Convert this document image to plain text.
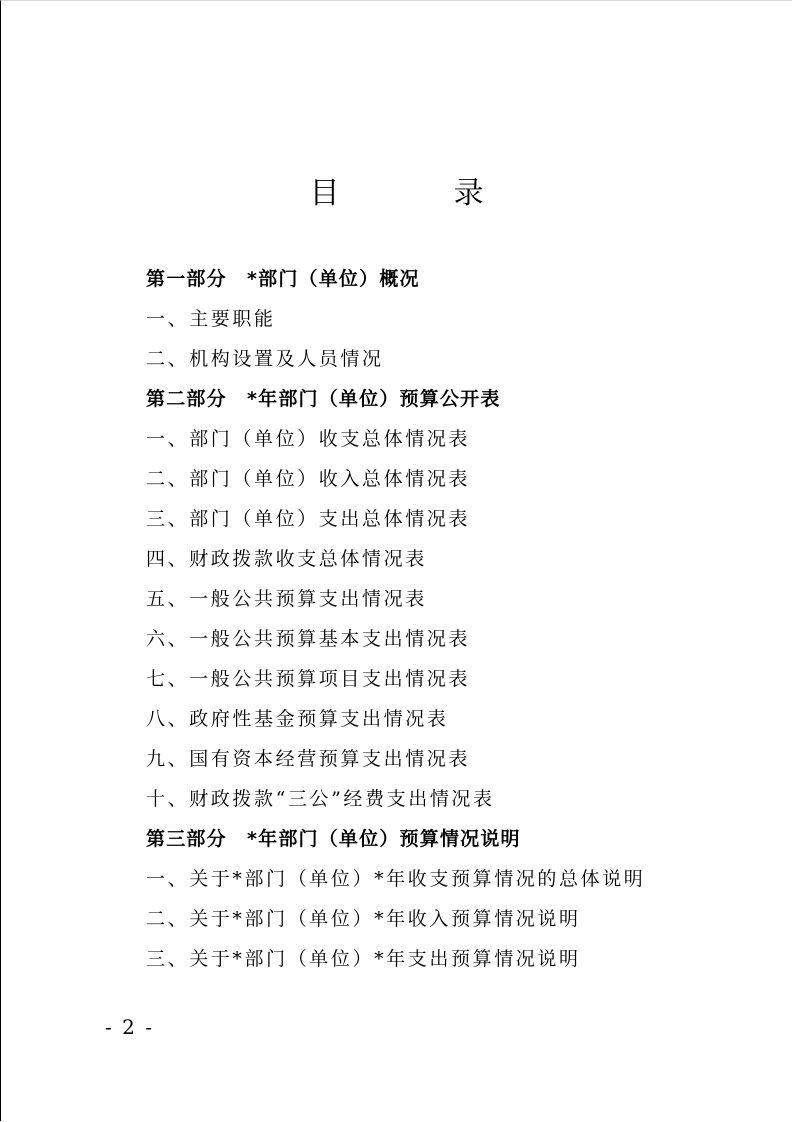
目　录
第一部分　*部门（单位）概况
一、主要职能
二、机构设置及人员情况
第二部分　*年部门（单位）预算公开表
一、部门（单位）收支总体情况表
二、部门（单位）收入总体情况表
三、部门（单位）支出总体情况表
四、财政拨款收支总体情况表
五、一般公共预算支出情况表
六、一般公共预算基本支出情况表
七、一般公共预算项目支出情况表
八、政府性基金预算支出情况表
九、国有资本经营预算支出情况表
十、财政拨款“三公”经费支出情况表
第三部分　*年部门（单位）预算情况说明
一、关于*部门（单位）*年收支预算情况的总体说明
二、关于*部门（单位）*年收入预算情况说明
三、关于*部门（单位）*年支出预算情况说明
- 2 -
